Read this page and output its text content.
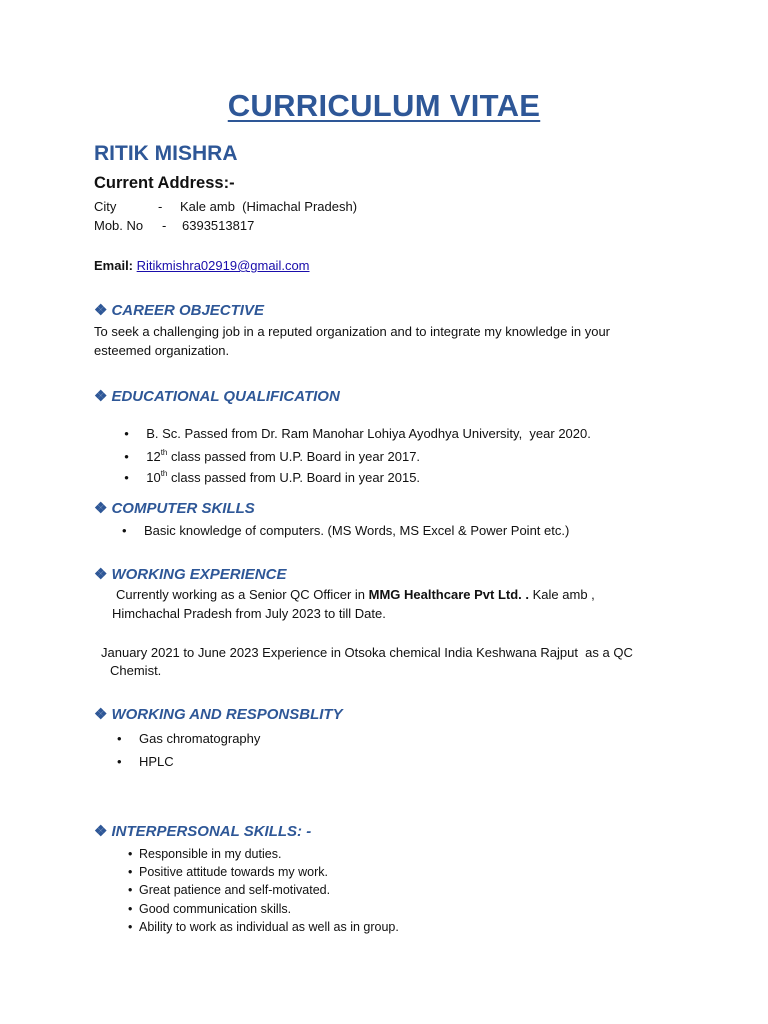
CURRICULUM VITAE
RITIK MISHRA
Current Address:-
City	- Kale amb  (Himachal Pradesh)
Mob. No - 6393513817
Email: Ritikmishra02919@gmail.com
❖ CAREER OBJECTIVE
To seek a challenging job in a reputed organization and to integrate my knowledge in your
esteemed organization.
❖ EDUCATIONAL QUALIFICATION

• B. Sc. Passed from Dr. Ram Manohar Lohiya Ayodhya University,  year 2020.

• 12th class passed from U.P. Board in year 2017.

• 10th class passed from U.P. Board in year 2015.

❖ COMPUTER SKILLS
• Basic knowledge of computers. (MS Words, MS Excel & Power Point etc.)
❖ WORKING EXPERIENCE
Currently working as a Senior QC Officer in MMG Healthcare Pvt Ltd. . Kale amb ,
Himchachal Pradesh from July 2023 to till Date.
January 2021 to June 2023 Experience in Otsoka chemical India Keshwana Rajput  as a QC
Chemist.
❖ WORKING AND RESPONSBLITY
• Gas chromatography
• HPLC
❖ INTERPERSONAL SKILLS: -
• Responsible in my duties.
• Positive attitude towards my work.
• Great patience and self-motivated.
• Good communication skills.
• Ability to work as individual as well as in group.
